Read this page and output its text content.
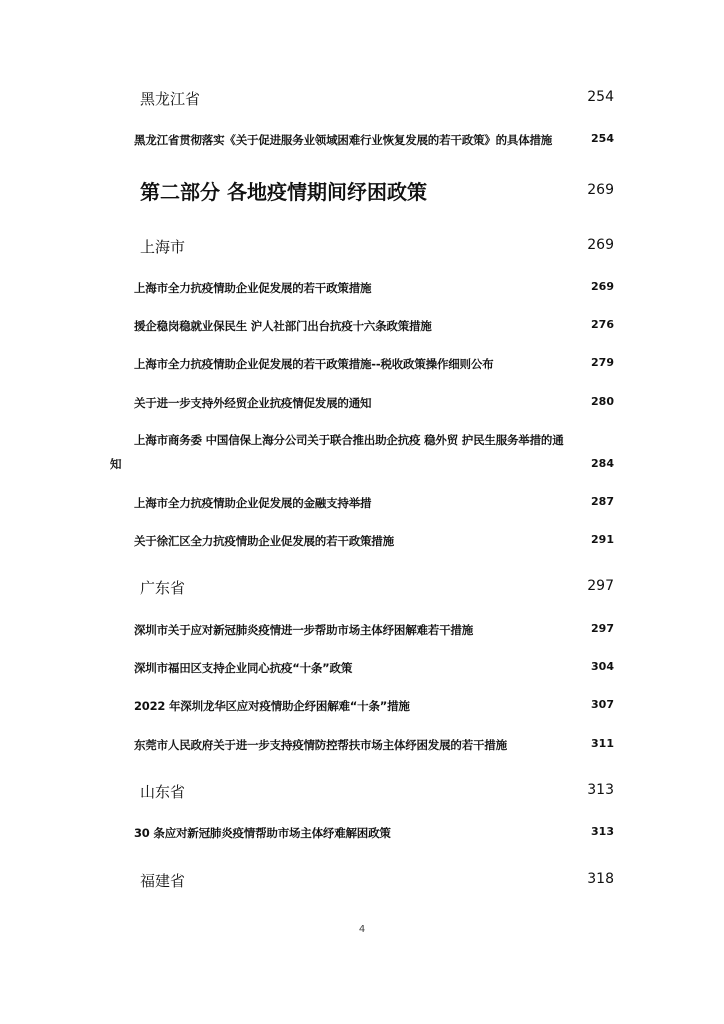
黑龙江省	254
黑龙江省贯彻落实《关于促进服务业领域困难行业恢复发展的若干政策》的具体措施	254
第二部分 各地疫情期间纾困政策	269
上海市	269
上海市全力抗疫情助企业促发展的若干政策措施	269
援企稳岗稳就业保民生 沪人社部门出台抗疫十六条政策措施	276
上海市全力抗疫情助企业促发展的若干政策措施--税收政策操作细则公布	279
关于进一步支持外经贸企业抗疫情促发展的通知	280
上海市商务委 中国信保上海分公司关于联合推出助企抗疫 稳外贸 护民生服务举措的通
知	284
上海市全力抗疫情助企业促发展的金融支持举措	287
关于徐汇区全力抗疫情助企业促发展的若干政策措施	291
广东省	297
深圳市关于应对新冠肺炎疫情进一步帮助市场主体纾困解难若干措施	297
深圳市福田区支持企业同心抗疫“十条”政策	304
2022 年深圳龙华区应对疫情助企纾困解难“十条”措施	307
东莞市人民政府关于进一步支持疫情防控帮扶市场主体纾困发展的若干措施	311
山东省	313
30 条应对新冠肺炎疫情帮助市场主体纾难解困政策	313
福建省	318
4
